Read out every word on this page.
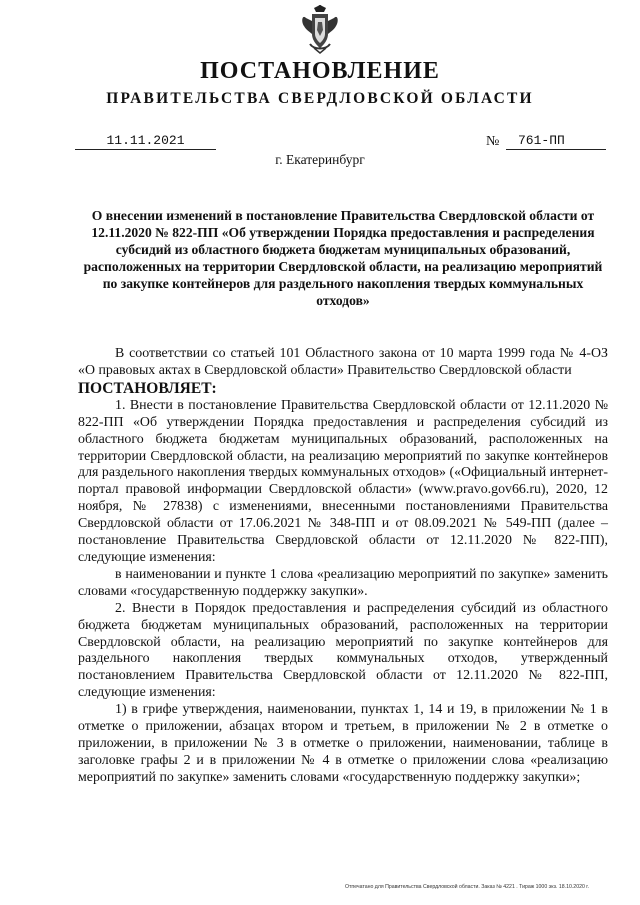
ПОСТАНОВЛЕНИЕ
ПРАВИТЕЛЬСТВА СВЕРДЛОВСКОЙ ОБЛАСТИ
11.11.2021	№	761-ПП
г. Екатеринбург
О внесении изменений в постановление Правительства Свердловской области от 12.11.2020 № 822-ПП «Об утверждении Порядка предоставления и распределения субсидий из областного бюджета бюджетам муниципальных образований, расположенных на территории Свердловской области, на реализацию мероприятий по закупке контейнеров для раздельного накопления твердых коммунальных отходов»

В соответствии со статьей 101 Областного закона от 10 марта 1999 года № 4-ОЗ «О правовых актах в Свердловской области» Правительство Свердловской области

ПОСТАНОВЛЯЕТ:

1. Внести в постановление Правительства Свердловской области от 12.11.2020 № 822-ПП «Об утверждении Порядка предоставления и распределения субсидий из областного бюджета бюджетам муниципальных образований, расположенных на территории Свердловской области, на реализацию мероприятий по закупке контейнеров для раздельного накопления твердых коммунальных отходов» («Официальный интернет-портал правовой информации Свердловской области» (www.pravo.gov66.ru), 2020, 12 ноября, № 27838) с изменениями, внесенными постановлениями Правительства Свердловской области от 17.06.2021 № 348-ПП и от 08.09.2021 № 549-ПП (далее – постановление Правительства Свердловской области от 12.11.2020 № 822-ПП), следующие изменения:

в наименовании и пункте 1 слова «реализацию мероприятий по закупке» заменить словами «государственную поддержку закупки».

2. Внести в Порядок предоставления и распределения субсидий из областного бюджета бюджетам муниципальных образований, расположенных на территории Свердловской области, на реализацию мероприятий по закупке контейнеров для раздельного накопления твердых коммунальных отходов, утвержденный постановлением Правительства Свердловской области от 12.11.2020 № 822-ПП, следующие изменения:

1) в грифе утверждения, наименовании, пунктах 1, 14 и 19, в приложении № 1 в отметке о приложении, абзацах втором и третьем, в приложении № 2 в отметке о приложении, в приложении № 3 в отметке о приложении, наименовании, таблице в заголовке графы 2 и в приложении № 4 в отметке о приложении слова «реализацию мероприятий по закупке» заменить словами «государственную поддержку закупки»;

Отпечатано для Правительства Свердловской области. Заказ № 4221 . Тираж 1000 экз. 18.10.2020 г.
